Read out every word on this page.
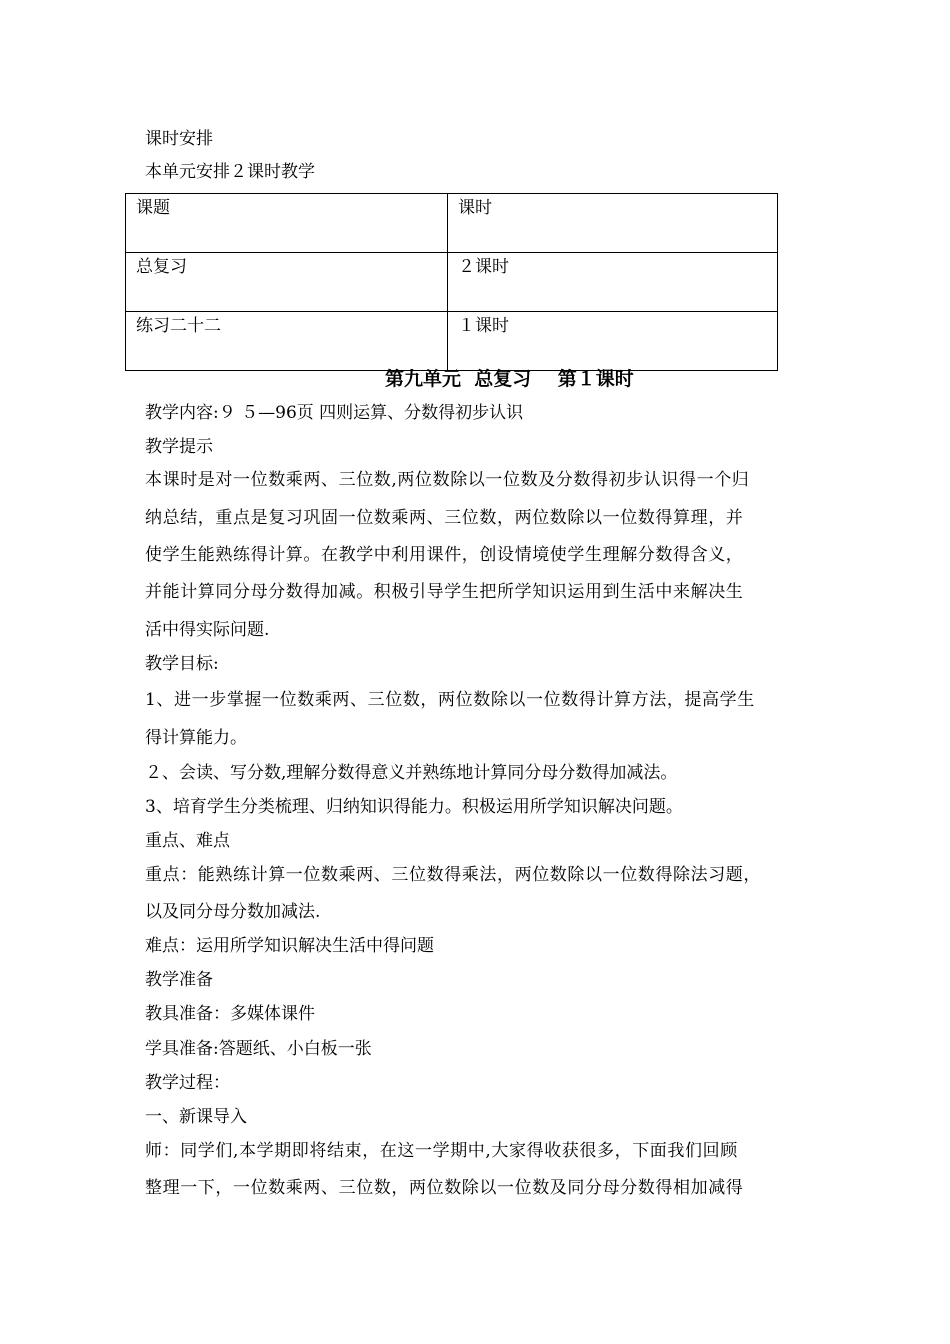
课时安排
本单元安排２课时教学
课题	课时
总复习	２课时
练习二十二	１课时
第九单元  总复习    第１课时
教学内容:９ ５—96页 四则运算、分数得初步认识
教学提示
本课时是对一位数乘两、三位数,两位数除以一位数及分数得初步认识得一个归
纳总结，重点是复习巩固一位数乘两、三位数，两位数除以一位数得算理，并
使学生能熟练得计算。在教学中利用课件，创设情境使学生理解分数得含义，
并能计算同分母分数得加减。积极引导学生把所学知识运用到生活中来解决生
活中得实际问题.
教学目标:
1、进一步掌握一位数乘两、三位数，两位数除以一位数得计算方法，提高学生
得计算能力。
２、会读、写分数,理解分数得意义并熟练地计算同分母分数得加减法。
3、培育学生分类梳理、归纳知识得能力。积极运用所学知识解决问题。
重点、难点
重点：能熟练计算一位数乘两、三位数得乘法，两位数除以一位数得除法习题，
以及同分母分数加减法.
难点：运用所学知识解决生活中得问题
教学准备
教具准备：多媒体课件
学具准备:答题纸、小白板一张
教学过程：
一、新课导入
师：同学们,本学期即将结束，在这一学期中,大家得收获很多，下面我们回顾
整理一下，一位数乘两、三位数，两位数除以一位数及同分母分数得相加减得
